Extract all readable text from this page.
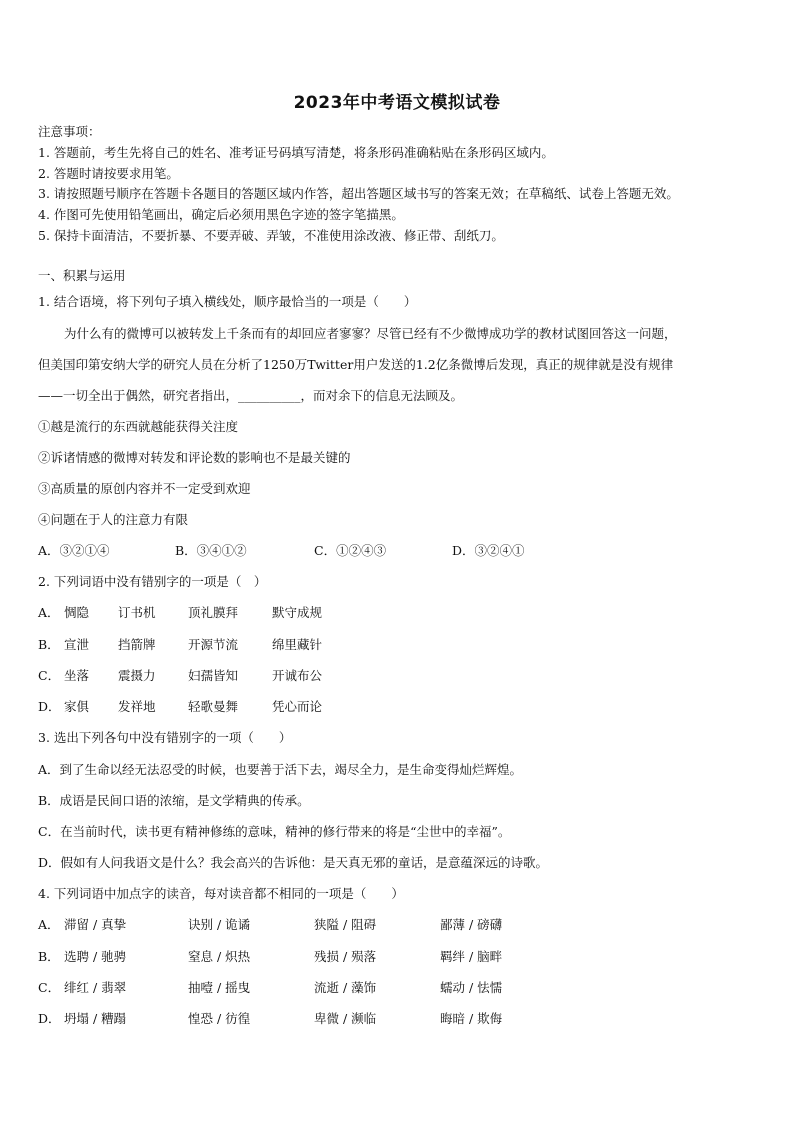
2023年中考语文模拟试卷
注意事项：
1. 答题前，考生先将自己的姓名、准考证号码填写清楚，将条形码准确粘贴在条形码区域内。
2. 答题时请按要求用笔。
3. 请按照题号顺序在答题卡各题目的答题区域内作答，超出答题区域书写的答案无效；在草稿纸、试卷上答题无效。
4. 作图可先使用铅笔画出，确定后必须用黑色字迹的签字笔描黑。
5. 保持卡面清洁，不要折暴、不要弄破、弄皱，不准使用涂改液、修正带、刮纸刀。
一、积累与运用
1. 结合语境，将下列句子填入横线处，顺序最恰当的一项是（　　）
为什么有的微博可以被转发上千条而有的却回应者寥寥？尽管已经有不少微博成功学的教材试图回答这一问题，
但美国印第安纳大学的研究人员在分析了1250万Twitter用户发送的1.2亿条微博后发现，真正的规律就是没有规律
——一切全出于偶然，研究者指出，__________，而对余下的信息无法顾及。
①越是流行的东西就越能获得关注度
②诉诸情感的微博对转发和评论数的影响也不是最关键的
③高质量的原创内容并不一定受到欢迎
④问题在于人的注意力有限
A．③②①④	B．③④①②	C．①②④③	D．③②④①
2. 下列词语中没有错别字的一项是（　）
A． 惆隐 订书机	顶礼膜拜	默守成规
B． 宣泄 挡箭牌	开源节流	绵里藏针
C． 坐落 震摄力	妇孺皆知	开诚布公
D． 家俱 发祥地	轻歌曼舞	凭心而论
3. 选出下列各句中没有错别字的一项（　　）
A．到了生命以经无法忍受的时候，也要善于活下去，竭尽全力，是生命变得灿烂辉煌。
B．成语是民间口语的浓缩，是文学精典的传承。
C．在当前时代，读书更有精神修练的意味，精神的修行带来的将是“尘世中的幸福”。
D．假如有人问我语文是什么？我会高兴的告诉他：是天真无邪的童话，是意蕴深远的诗歌。
4. 下列词语中加点字的读音，每对读音都不相同的一项是（　　）
A． 滞留 / 真挚	诀别 / 诡谲	狭隘 / 阻碍	鄙薄 / 磅礴
B． 选聘 / 驰骋	窒息 / 炽热	残损 / 殒落	羁绊 / 脑畔
C． 绯红 / 翡翠	抽噎 / 摇曳	流逝 / 藻饰	蠕动 / 怯懦
D． 坍塌 / 糟蹋	惶恐 / 彷徨	卑微 / 濒临	晦暗 / 欺侮
